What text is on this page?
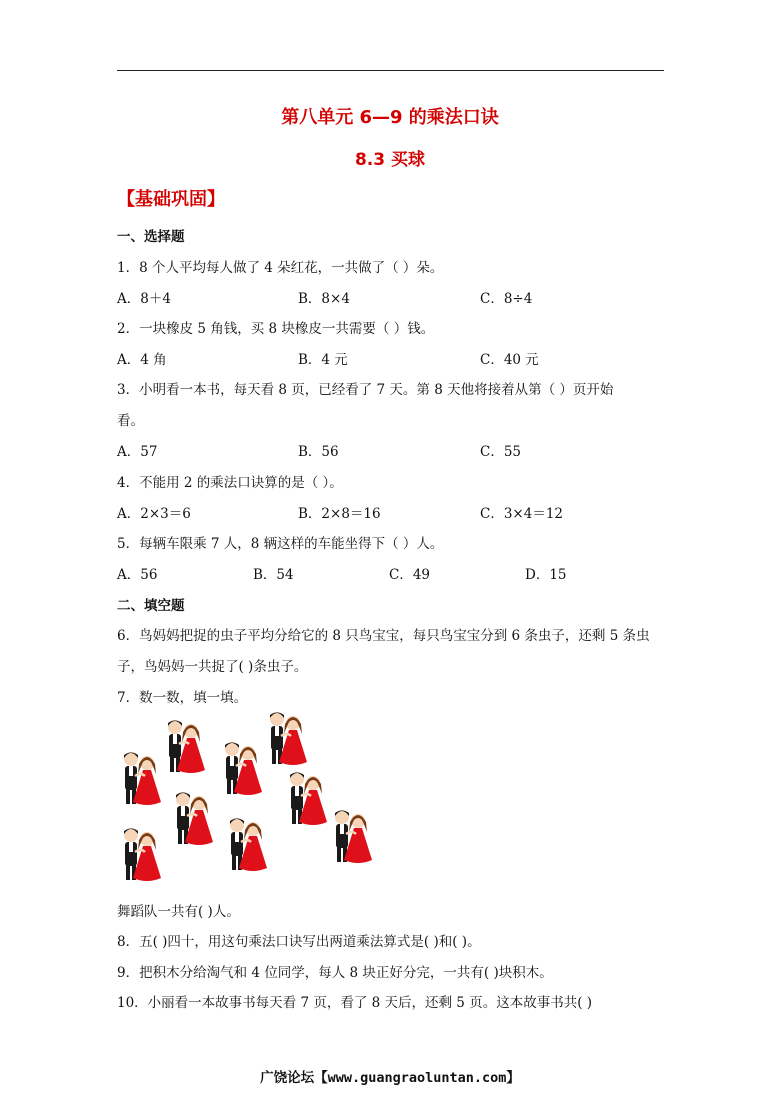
第八单元 6—9 的乘法口诀
8.3 买球
【基础巩固】
一、选择题
1．8 个人平均每人做了 4 朵红花，一共做了（ ）朵。
A．8＋4	B．8×4	C．8÷4
2．一块橡皮 5 角钱，买 8 块橡皮一共需要（ ）钱。
A．4 角	B．4 元	C．40 元
3．小明看一本书，每天看 8 页，已经看了 7 天。第 8 天他将接着从第（ ）页开始
看。
A．57	B．56	C．55
4．不能用 2 的乘法口诀算的是（ ）。
A．2×3＝6	B．2×8＝16	C．3×4＝12
5．每辆车限乘 7 人，8 辆这样的车能坐得下（ ）人。
A．56	B．54	C．49	D．15
二、填空题
6．鸟妈妈把捉的虫子平均分给它的 8 只鸟宝宝，每只鸟宝宝分到 6 条虫子，还剩 5 条虫
子，鸟妈妈一共捉了( )条虫子。
7．数一数，填一填。
舞蹈队一共有( )人。
8．五( )四十，用这句乘法口诀写出两道乘法算式是( )和( )。
9．把积木分给淘气和 4 位同学，每人 8 块正好分完，一共有( )块积木。
10．小丽看一本故事书每天看 7 页，看了 8 天后，还剩 5 页。这本故事书共( )
广饶论坛【www.guangraoluntan.com】
